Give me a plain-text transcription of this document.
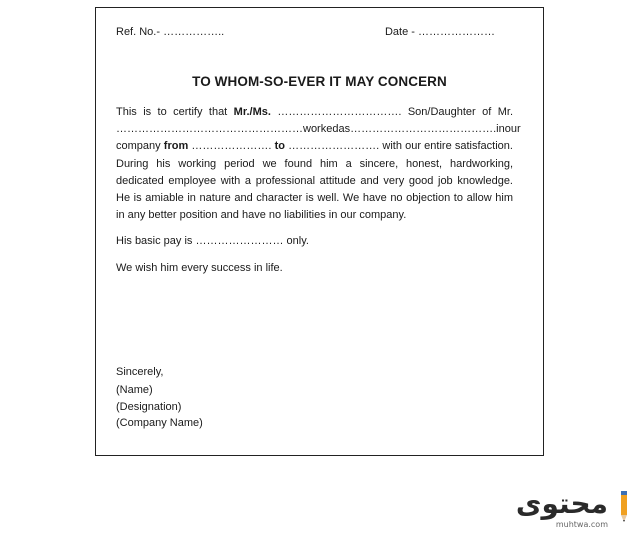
Ref. No.- ……………..	Date - …………………
TO WHOM-SO-EVER IT MAY CONCERN
This is to certify that Mr./Ms. ……………………………. Son/Daughter of Mr.
…………………………………………… worked as …………………………………. in our
company from …………………. to ……………………. with our entire satisfaction.
During his working period we found him a sincere, honest, hardworking, dedicated employee with a professional attitude and very good job knowledge. He is amiable in nature and character is well. We have no objection to allow him in any better position and have no liabilities in our company.

His basic pay is …………………… only.

We wish him every success in life.

Sincerely,
(Name)
(Designation)
(Company Name)
محتوى
muhtwa.com
